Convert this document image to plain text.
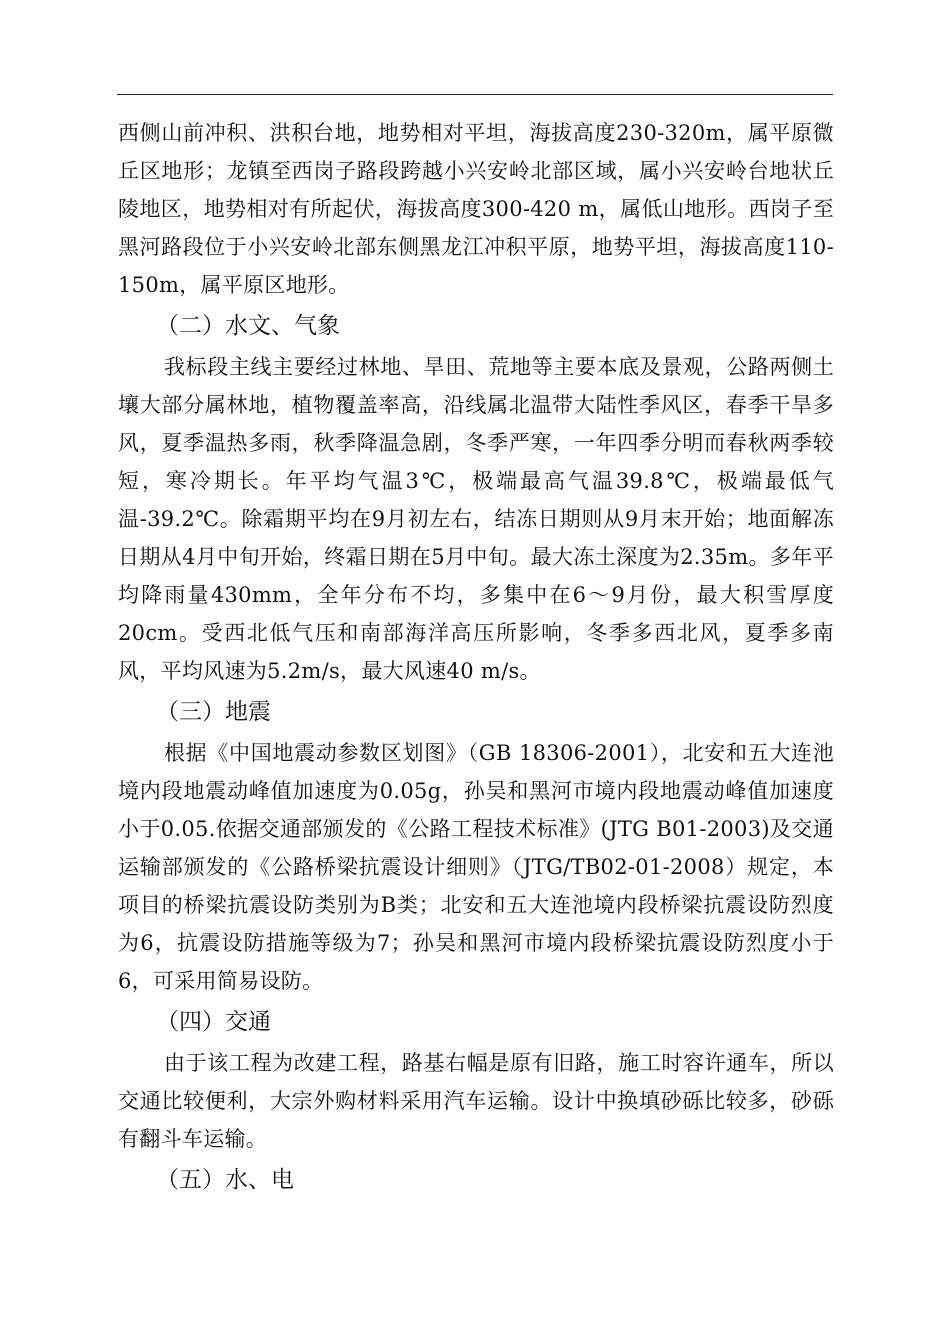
西侧山前冲积、洪积台地，地势相对平坦，海拔高度230-320m，属平原微丘区地形；龙镇至西岗子路段跨越小兴安岭北部区域，属小兴安岭台地状丘陵地区，地势相对有所起伏，海拔高度300-420 m，属低山地形。西岗子至黑河路段位于小兴安岭北部东侧黑龙江冲积平原，地势平坦，海拔高度110-150m，属平原区地形。

（二）水文、气象

我标段主线主要经过林地、旱田、荒地等主要本底及景观，公路两侧土壤大部分属林地，植物覆盖率高，沿线属北温带大陆性季风区，春季干旱多风，夏季温热多雨，秋季降温急剧，冬季严寒，一年四季分明而春秋两季较短，寒冷期长。年平均气温3℃，极端最高气温39.8℃，极端最低气温-39.2℃。除霜期平均在9月初左右，结冻日期则从9月末开始；地面解冻日期从4月中旬开始，终霜日期在5月中旬。最大冻土深度为2.35m。多年平均降雨量430mm，全年分布不均，多集中在6～9月份，最大积雪厚度20cm。受西北低气压和南部海洋高压所影响，冬季多西北风，夏季多南风，平均风速为5.2m/s，最大风速40 m/s。

（三）地震

根据《中国地震动参数区划图》（GB 18306-2001），北安和五大连池境内段地震动峰值加速度为0.05g，孙吴和黑河市境内段地震动峰值加速度小于0.05.依据交通部颁发的《公路工程技术标准》(JTG B01-2003)及交通运输部颁发的《公路桥梁抗震设计细则》（JTG/TB02-01-2008）规定，本项目的桥梁抗震设防类别为B类；北安和五大连池境内段桥梁抗震设防烈度为6，抗震设防措施等级为7；孙吴和黑河市境内段桥梁抗震设防烈度小于6，可采用简易设防。

（四）交通

由于该工程为改建工程，路基右幅是原有旧路，施工时容许通车，所以交通比较便利，大宗外购材料采用汽车运输。设计中换填砂砾比较多，砂砾有翻斗车运输。

（五）水、电
